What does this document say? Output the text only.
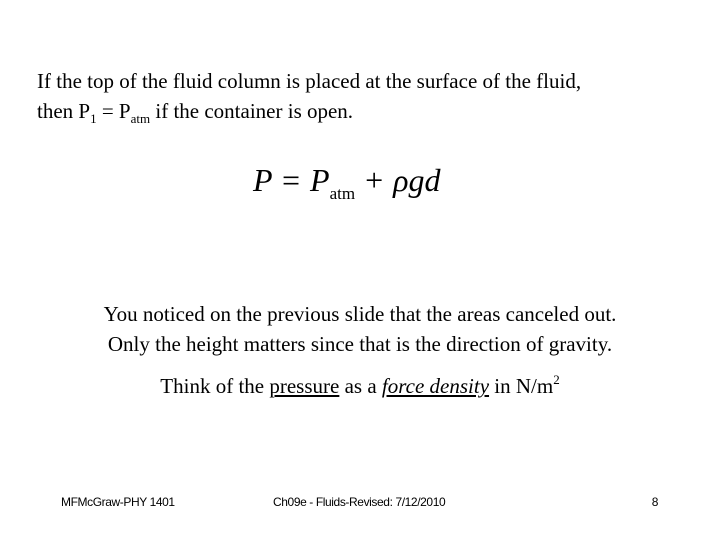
If the top of the fluid column is placed at the surface of the fluid,
then $P_1 = P_{atm}$ if the container is open.
$P = P_{atm} + \rho gd$
You noticed on the previous slide that the areas canceled out.
Only the height matters since that is the direction of gravity.
Think of the pressure as a force density in $N/m^2$
MFMcGraw-PHY 1401	Ch09e - Fluids-Revised: 7/12/2010	8
